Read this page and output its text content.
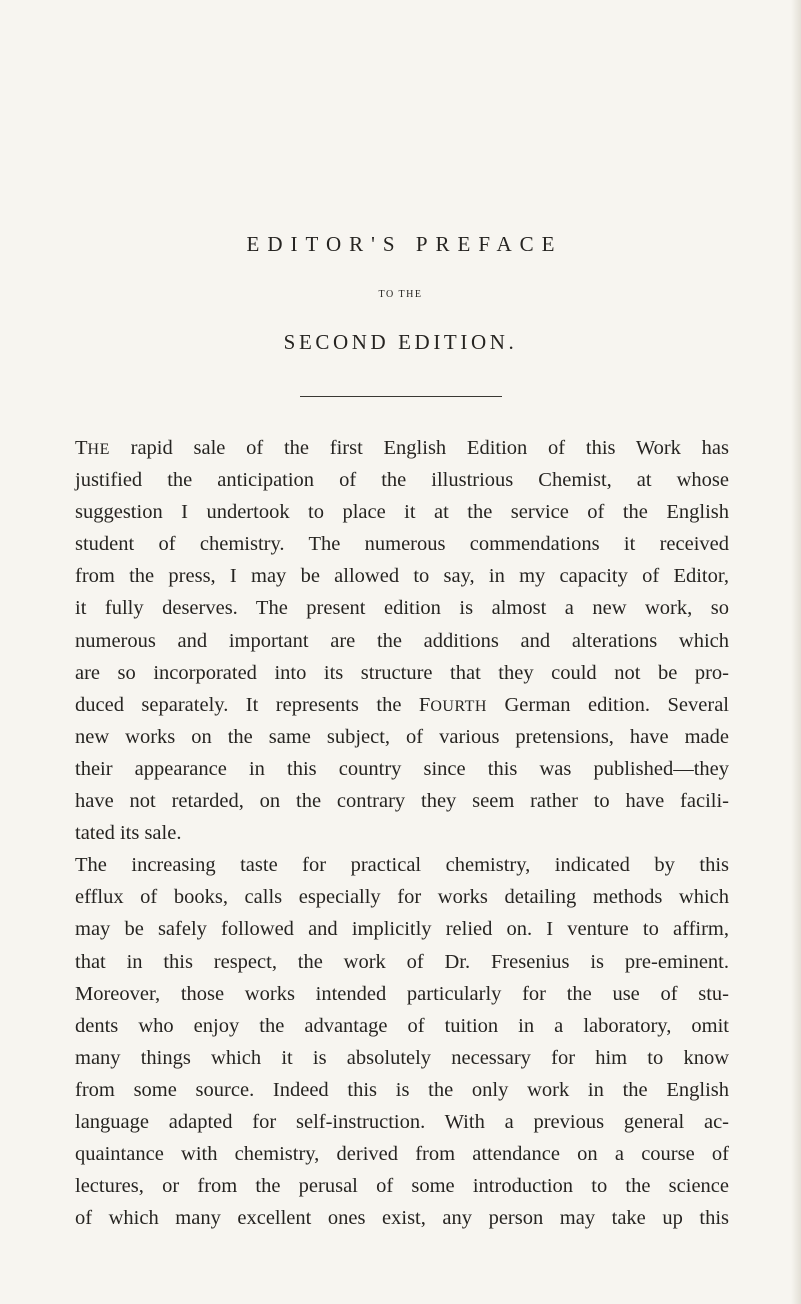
EDITOR'S PREFACE
TO THE
SECOND EDITION.
THE rapid sale of the first English Edition of this Work has
justified the anticipation of the illustrious Chemist, at whose
suggestion I undertook to place it at the service of the English
student of chemistry. The numerous commendations it received
from the press, I may be allowed to say, in my capacity of Editor,
it fully deserves. The present edition is almost a new work, so
numerous and important are the additions and alterations which
are so incorporated into its structure that they could not be pro-
duced separately. It represents the FOURTH German edition. Several
new works on the same subject, of various pretensions, have made
their appearance in this country since this was published—they
have not retarded, on the contrary they seem rather to have facili-
tated its sale.
The increasing taste for practical chemistry, indicated by this
efflux of books, calls especially for works detailing methods which
may be safely followed and implicitly relied on. I venture to affirm,
that in this respect, the work of Dr. Fresenius is pre-eminent.
Moreover, those works intended particularly for the use of stu-
dents who enjoy the advantage of tuition in a laboratory, omit
many things which it is absolutely necessary for him to know
from some source. Indeed this is the only work in the English
language adapted for self-instruction. With a previous general ac-
quaintance with chemistry, derived from attendance on a course of
lectures, or from the perusal of some introduction to the science
of which many excellent ones exist, any person may take up this
